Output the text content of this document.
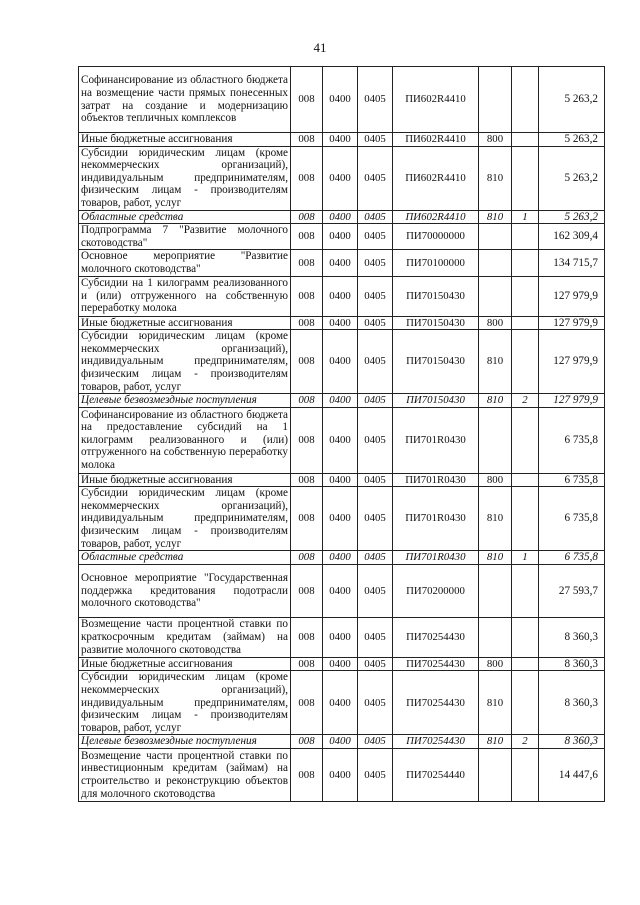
41
Софинансирование из областного бюджета на возмещение части прямых понесенных затрат на создание и модернизацию объектов тепличных комплексов	008	0400	0405	ПИ602R4410			5 263,2
Иные бюджетные ассигнования	008	0400	0405	ПИ602R4410	800		5 263,2
Субсидии юридическим лицам (кроме некоммерческих организаций), индивидуальным предпринимателям, физическим лицам - производителям товаров, работ, услуг	008	0400	0405	ПИ602R4410	810		5 263,2
Областные средства	008	0400	0405	ПИ602R4410	810	1	5 263,2
Подпрограмма 7 "Развитие молочного скотоводства"	008	0400	0405	ПИ70000000			162 309,4
Основное мероприятие "Развитие молочного скотоводства"	008	0400	0405	ПИ70100000			134 715,7
Субсидии на 1 килограмм реализованного и (или) отгруженного на собственную переработку молока	008	0400	0405	ПИ70150430			127 979,9
Иные бюджетные ассигнования	008	0400	0405	ПИ70150430	800		127 979,9
Субсидии юридическим лицам (кроме некоммерческих организаций), индивидуальным предпринимателям, физическим лицам - производителям товаров, работ, услуг	008	0400	0405	ПИ70150430	810		127 979,9
Целевые безвозмездные поступления	008	0400	0405	ПИ70150430	810	2	127 979,9
Софинансирование из областного бюджета на предоставление субсидий на 1 килограмм реализованного и (или) отгруженного на собственную переработку молока	008	0400	0405	ПИ701R0430			6 735,8
Иные бюджетные ассигнования	008	0400	0405	ПИ701R0430	800		6 735,8
Субсидии юридическим лицам (кроме некоммерческих организаций), индивидуальным предпринимателям, физическим лицам - производителям товаров, работ, услуг	008	0400	0405	ПИ701R0430	810		6 735,8
Областные средства	008	0400	0405	ПИ701R0430	810	1	6 735,8
Основное мероприятие "Государственная поддержка кредитования подотрасли молочного скотоводства"	008	0400	0405	ПИ70200000			27 593,7
Возмещение части процентной ставки по краткосрочным кредитам (займам) на развитие молочного скотоводства	008	0400	0405	ПИ70254430			8 360,3
Иные бюджетные ассигнования	008	0400	0405	ПИ70254430	800		8 360,3
Субсидии юридическим лицам (кроме некоммерческих организаций), индивидуальным предпринимателям, физическим лицам - производителям товаров, работ, услуг	008	0400	0405	ПИ70254430	810		8 360,3
Целевые безвозмездные поступления	008	0400	0405	ПИ70254430	810	2	8 360,3
Возмещение части процентной ставки по инвестиционным кредитам (займам) на строительство и реконструкцию объектов для молочного скотоводства	008	0400	0405	ПИ70254440			14 447,6
